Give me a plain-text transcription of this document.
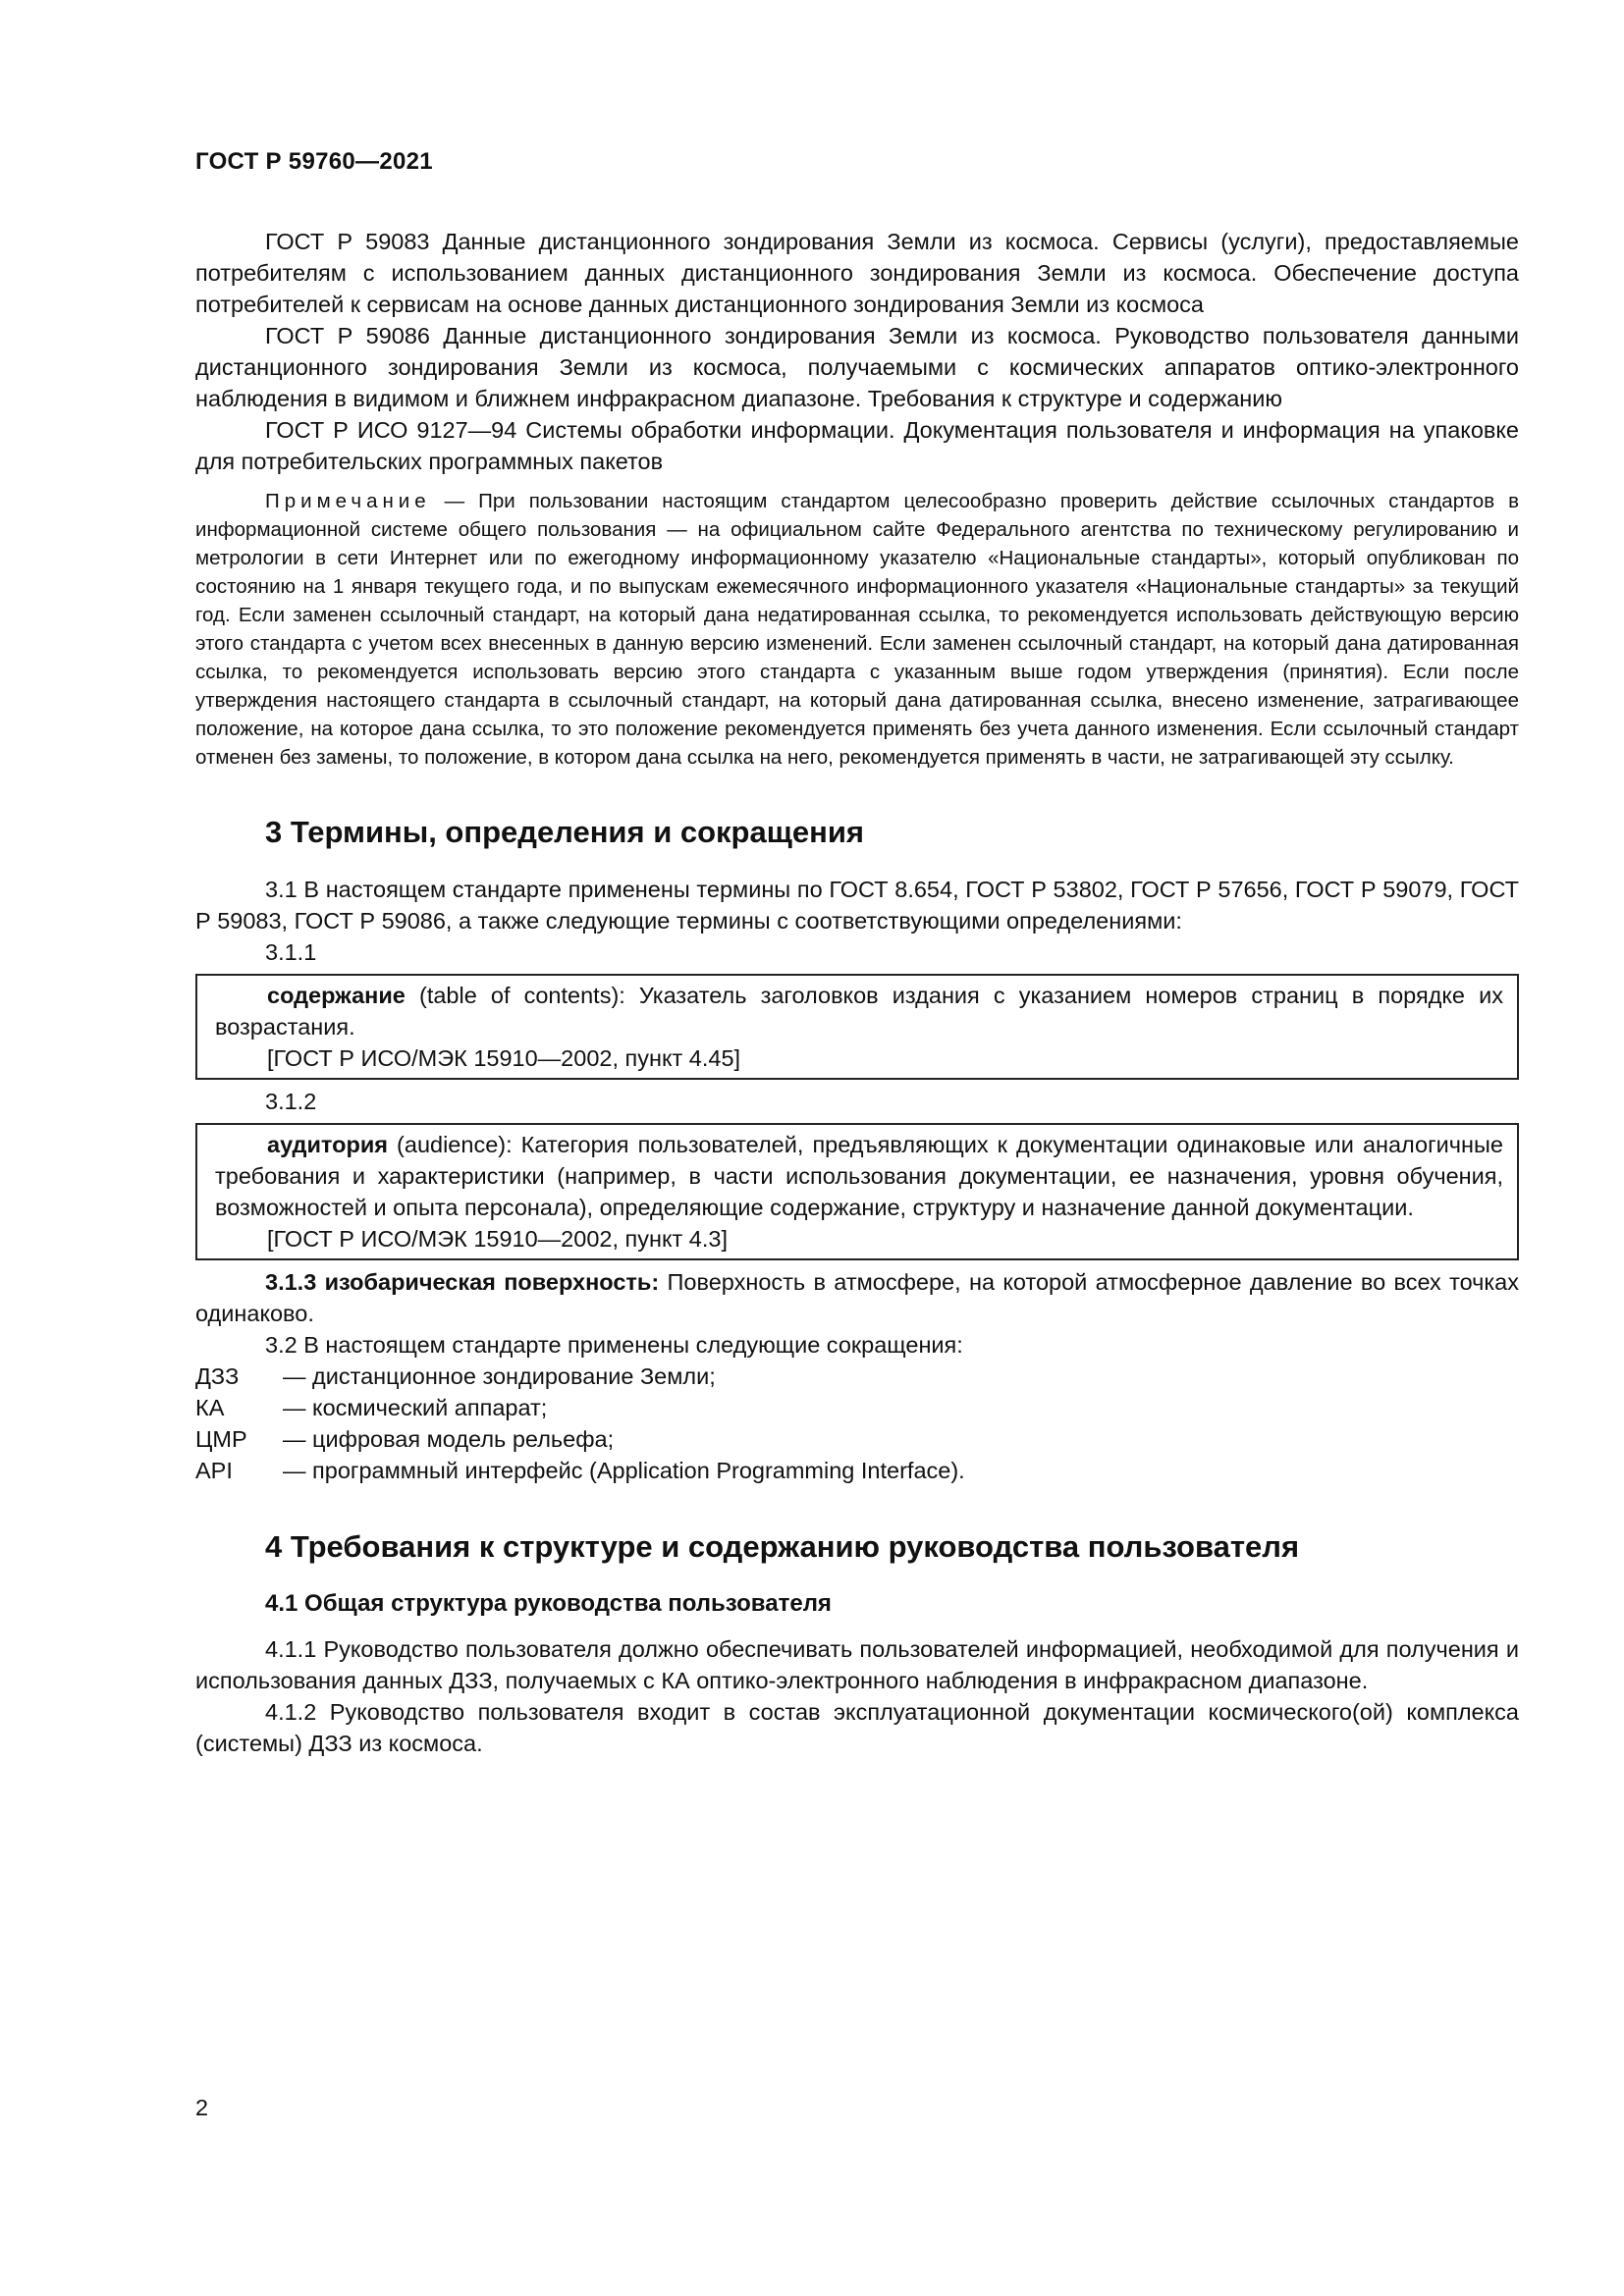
ГОСТ Р 59760—2021

ГОСТ Р 59083 Данные дистанционного зондирования Земли из космоса. Сервисы (услуги), предоставляемые потребителям с использованием данных дистанционного зондирования Земли из космоса. Обеспечение доступа потребителей к сервисам на основе данных дистанционного зондирования Земли из космоса

ГОСТ Р 59086 Данные дистанционного зондирования Земли из космоса. Руководство пользователя данными дистанционного зондирования Земли из космоса, получаемыми с космических аппаратов оптико-электронного наблюдения в видимом и ближнем инфракрасном диапазоне. Требования к структуре и содержанию

ГОСТ Р ИСО 9127—94 Системы обработки информации. Документация пользователя и информация на упаковке для потребительских программных пакетов

Примечание — При пользовании настоящим стандартом целесообразно проверить действие ссылочных стандартов в информационной системе общего пользования — на официальном сайте Федерального агентства по техническому регулированию и метрологии в сети Интернет или по ежегодному информационному указателю «Национальные стандарты», который опубликован по состоянию на 1 января текущего года, и по выпускам ежемесячного информационного указателя «Национальные стандарты» за текущий год. Если заменен ссылочный стандарт, на который дана недатированная ссылка, то рекомендуется использовать действующую версию этого стандарта с учетом всех внесенных в данную версию изменений. Если заменен ссылочный стандарт, на который дана датированная ссылка, то рекомендуется использовать версию этого стандарта с указанным выше годом утверждения (принятия). Если после утверждения настоящего стандарта в ссылочный стандарт, на который дана датированная ссылка, внесено изменение, затрагивающее положение, на которое дана ссылка, то это положение рекомендуется применять без учета данного изменения. Если ссылочный стандарт отменен без замены, то положение, в котором дана ссылка на него, рекомендуется применять в части, не затрагивающей эту ссылку.

3 Термины, определения и сокращения

3.1 В настоящем стандарте применены термины по ГОСТ 8.654, ГОСТ Р 53802, ГОСТ Р 57656, ГОСТ Р 59079, ГОСТ Р 59083, ГОСТ Р 59086, а также следующие термины с соответствующими определениями:

3.1.1

содержание (table of contents): Указатель заголовков издания с указанием номеров страниц в порядке их возрастания.

[ГОСТ Р ИСО/МЭК 15910—2002, пункт 4.45]

3.1.2

аудитория (audience): Категория пользователей, предъявляющих к документации одинаковые или аналогичные требования и характеристики (например, в части использования документации, ее назначения, уровня обучения, возможностей и опыта персонала), определяющие содержание, структуру и назначение данной документации.

[ГОСТ Р ИСО/МЭК 15910—2002, пункт 4.3]

3.1.3 изобарическая поверхность: Поверхность в атмосфере, на которой атмосферное давление во всех точках одинаково.

3.2 В настоящем стандарте применены следующие сокращения:

ДЗЗ	— дистанционное зондирование Земли;
КА	— космический аппарат;
ЦМР	— цифровая модель рельефа;
API	— программный интерфейс (Application Programming Interface).
4 Требования к структуре и содержанию руководства пользователя
4.1 Общая структура руководства пользователя

4.1.1 Руководство пользователя должно обеспечивать пользователей информацией, необходимой для получения и использования данных ДЗЗ, получаемых с КА оптико-электронного наблюдения в инфракрасном диапазоне.

4.1.2 Руководство пользователя входит в состав эксплуатационной документации космического(ой) комплекса (системы) ДЗЗ из космоса.

2
